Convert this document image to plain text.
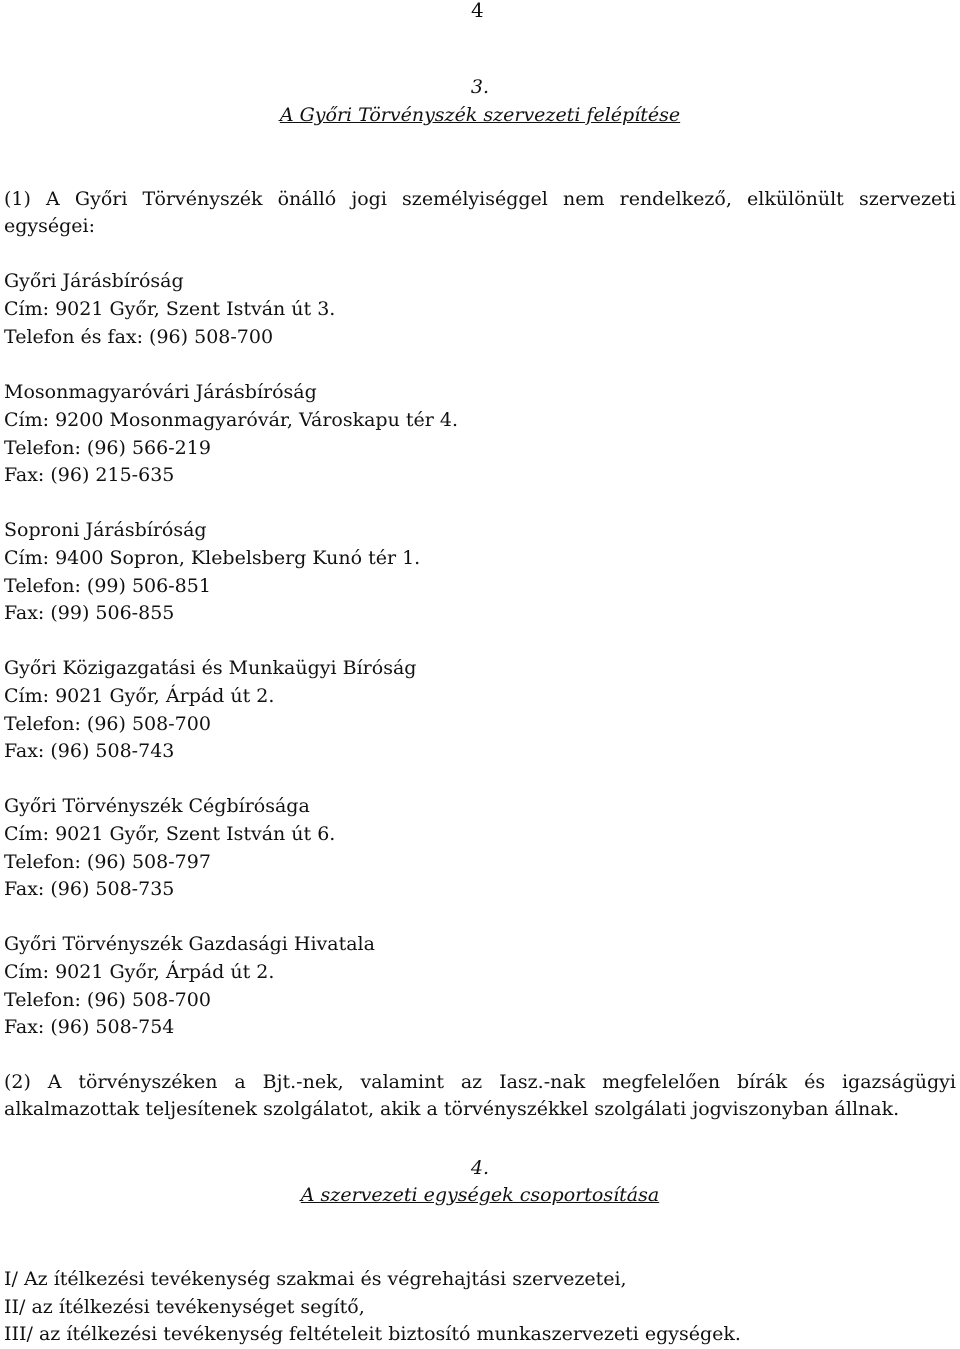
4
3.
A Győri Törvényszék szervezeti felépítése
(1) A Győri Törvényszék önálló jogi személyiséggel nem rendelkező, elkülönült szervezeti
egységei:
Győri Járásbíróság
Cím: 9021 Győr, Szent István út 3.
Telefon és fax: (96) 508-700
Mosonmagyaróvári Járásbíróság
Cím: 9200 Mosonmagyaróvár, Városkapu tér 4.
Telefon: (96) 566-219
Fax: (96) 215-635
Soproni Járásbíróság
Cím: 9400 Sopron, Klebelsberg Kunó tér 1.
Telefon: (99) 506-851
Fax: (99) 506-855
Győri Közigazgatási és Munkaügyi Bíróság
Cím: 9021 Győr, Árpád út 2.
Telefon: (96) 508-700
Fax: (96) 508-743
Győri Törvényszék Cégbírósága
Cím: 9021 Győr, Szent István út 6.
Telefon: (96) 508-797
Fax: (96) 508-735
Győri Törvényszék Gazdasági Hivatala
Cím: 9021 Győr, Árpád út 2.
Telefon: (96) 508-700
Fax: (96) 508-754
(2) A törvényszéken a Bjt.-nek, valamint az Iasz.-nak megfelelően bírák és igazságügyi
alkalmazottak teljesítenek szolgálatot, akik a törvényszékkel szolgálati jogviszonyban állnak.
4.
A szervezeti egységek csoportosítása
I/ Az ítélkezési tevékenység szakmai és végrehajtási szervezetei,
II/ az ítélkezési tevékenységet segítő,
III/ az ítélkezési tevékenység feltételeit biztosító munkaszervezeti egységek.
